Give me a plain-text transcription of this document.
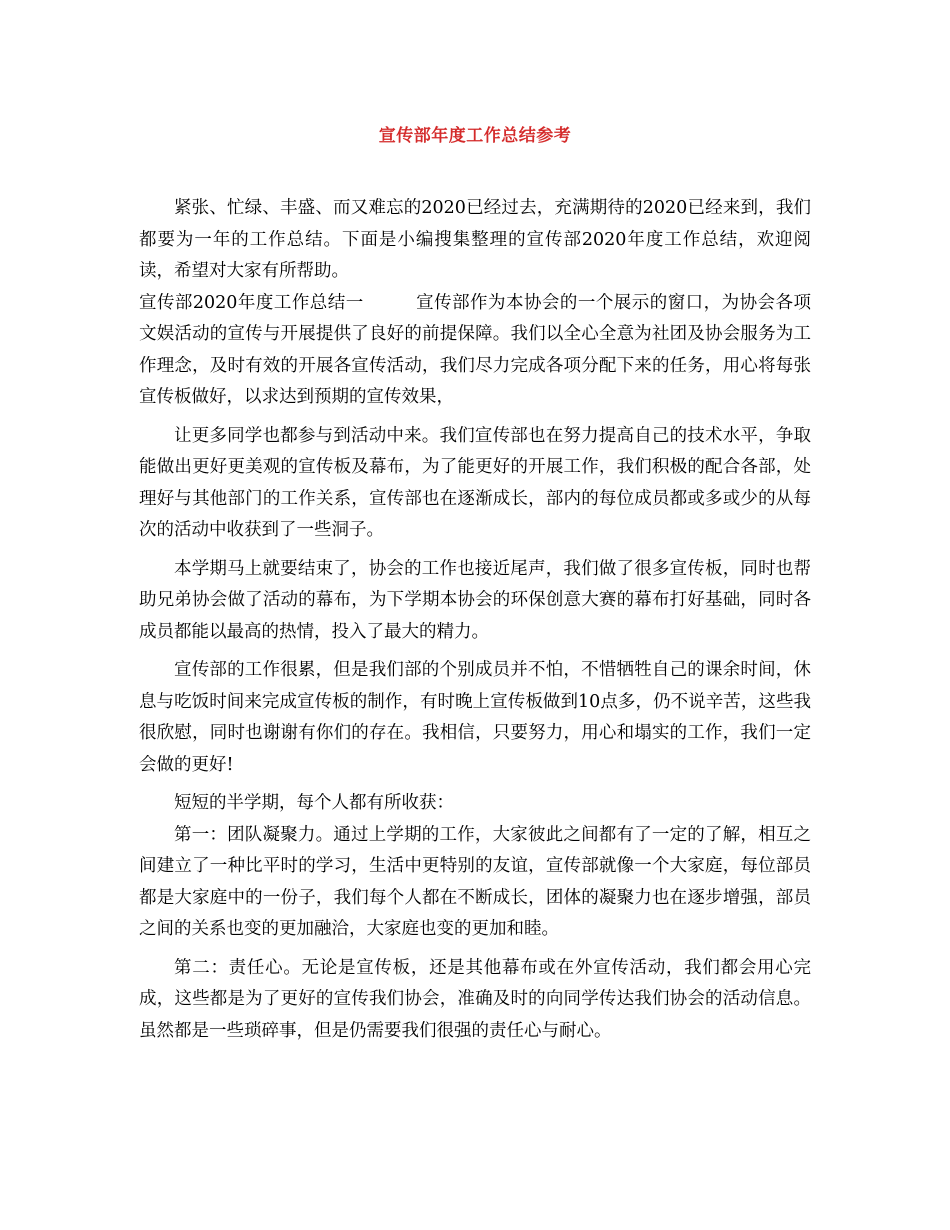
宣传部年度工作总结参考

紧张、忙绿、丰盛、而又难忘的2020已经过去，充满期待的2020已经来到，我们都要为一年的工作总结。下面是小编搜集整理的宣传部2020年度工作总结，欢迎阅读，希望对大家有所帮助。

宣传部2020年度工作总结一	宣传部作为本协会的一个展示的窗口，为协会各项文娱活动的宣传与开展提供了良好的前提保障。我们以全心全意为社团及协会服务为工作理念，及时有效的开展各宣传活动，我们尽力完成各项分配下来的任务，用心将每张宣传板做好，以求达到预期的宣传效果，

让更多同学也都参与到活动中来。我们宣传部也在努力提高自己的技术水平，争取能做出更好更美观的宣传板及幕布，为了能更好的开展工作，我们积极的配合各部，处理好与其他部门的工作关系，宣传部也在逐渐成长，部内的每位成员都或多或少的从每次的活动中收获到了一些洞子。

本学期马上就要结束了，协会的工作也接近尾声，我们做了很多宣传板，同时也帮助兄弟协会做了活动的幕布，为下学期本协会的环保创意大赛的幕布打好基础，同时各成员都能以最高的热情，投入了最大的精力。

宣传部的工作很累，但是我们部的个别成员并不怕，不惜牺牲自己的课余时间，休息与吃饭时间来完成宣传板的制作，有时晚上宣传板做到10点多，仍不说辛苦，这些我很欣慰，同时也谢谢有你们的存在。我相信，只要努力，用心和塌实的工作，我们一定会做的更好!

短短的半学期，每个人都有所收获：

第一：团队凝聚力。通过上学期的工作，大家彼此之间都有了一定的了解，相互之间建立了一种比平时的学习，生活中更特别的友谊，宣传部就像一个大家庭，每位部员都是大家庭中的一份子，我们每个人都在不断成长，团体的凝聚力也在逐步增强，部员之间的关系也变的更加融洽，大家庭也变的更加和睦。

第二：责任心。无论是宣传板，还是其他幕布或在外宣传活动，我们都会用心完成，这些都是为了更好的宣传我们协会，准确及时的向同学传达我们协会的活动信息。虽然都是一些琐碎事，但是仍需要我们很强的责任心与耐心。
